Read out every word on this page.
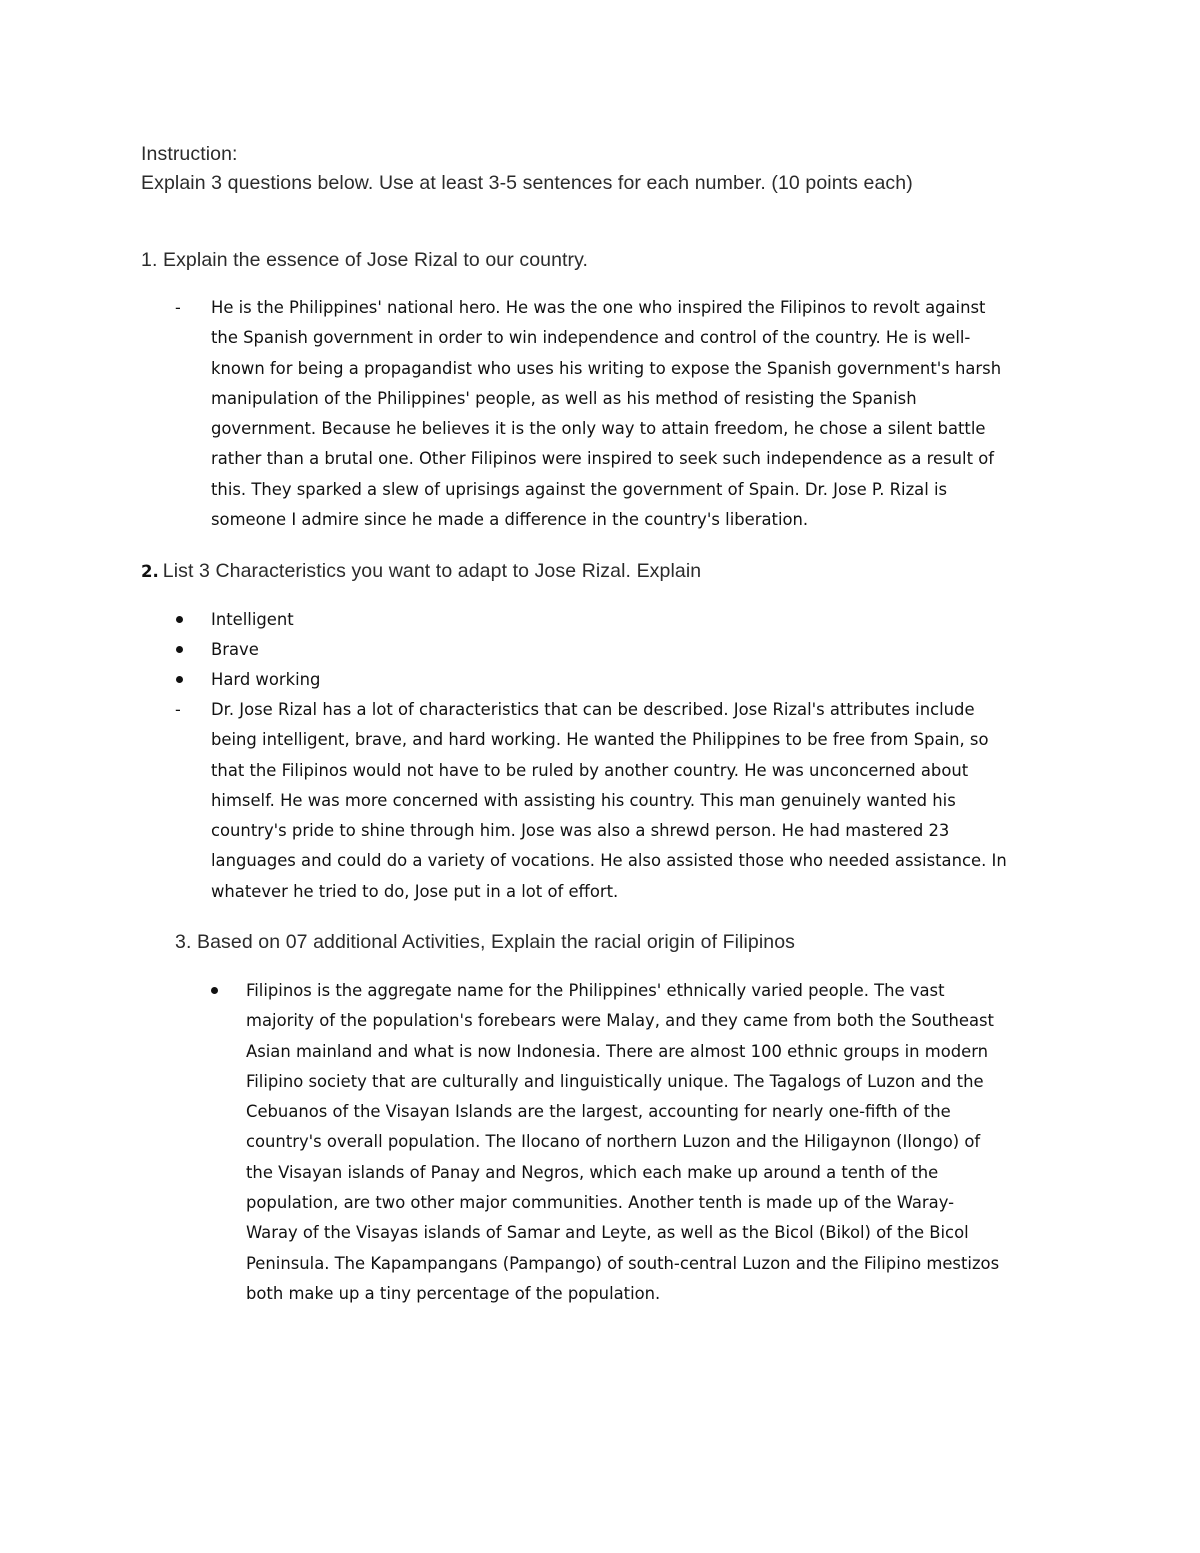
Instruction:
Explain 3 questions below. Use at least 3-5 sentences for each number. (10 points each)
1. Explain the essence of Jose Rizal to our country.
- He is the Philippines' national hero. He was the one who inspired the Filipinos to revolt against
the Spanish government in order to win independence and control of the country. He is well-
known for being a propagandist who uses his writing to expose the Spanish government's harsh
manipulation of the Philippines' people, as well as his method of resisting the Spanish
government. Because he believes it is the only way to attain freedom, he chose a silent battle
rather than a brutal one. Other Filipinos were inspired to seek such independence as a result of
this. They sparked a slew of uprisings against the government of Spain. Dr. Jose P. Rizal is
someone I admire since he made a difference in the country's liberation.
2. List 3 Characteristics you want to adapt to Jose Rizal. Explain
Intelligent
Brave
Hard working
- Dr. Jose Rizal has a lot of characteristics that can be described. Jose Rizal's attributes include
being intelligent, brave, and hard working. He wanted the Philippines to be free from Spain, so
that the Filipinos would not have to be ruled by another country. He was unconcerned about
himself. He was more concerned with assisting his country. This man genuinely wanted his
country's pride to shine through him. Jose was also a shrewd person. He had mastered 23
languages and could do a variety of vocations. He also assisted those who needed assistance. In
whatever he tried to do, Jose put in a lot of effort.
3. Based on 07 additional Activities, Explain the racial origin of Filipinos
Filipinos is the aggregate name for the Philippines' ethnically varied people. The vast
majority of the population's forebears were Malay, and they came from both the Southeast
Asian mainland and what is now Indonesia. There are almost 100 ethnic groups in modern
Filipino society that are culturally and linguistically unique. The Tagalogs of Luzon and the
Cebuanos of the Visayan Islands are the largest, accounting for nearly one-fifth of the
country's overall population. The Ilocano of northern Luzon and the Hiligaynon (Ilongo) of
the Visayan islands of Panay and Negros, which each make up around a tenth of the
population, are two other major communities. Another tenth is made up of the Waray-
Waray of the Visayas islands of Samar and Leyte, as well as the Bicol (Bikol) of the Bicol
Peninsula. The Kapampangans (Pampango) of south-central Luzon and the Filipino mestizos
both make up a tiny percentage of the population.
